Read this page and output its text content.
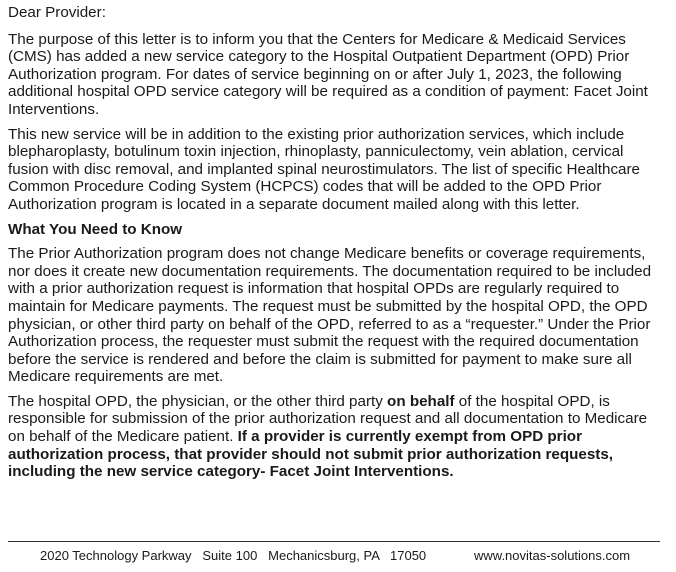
Dear Provider:

The purpose of this letter is to inform you that the Centers for Medicare & Medicaid Services (CMS) has added a new service category to the Hospital Outpatient Department (OPD) Prior Authorization program. For dates of service beginning on or after July 1, 2023, the following additional hospital OPD service category will be required as a condition of payment: Facet Joint Interventions.

This new service will be in addition to the existing prior authorization services, which include blepharoplasty, botulinum toxin injection, rhinoplasty, panniculectomy, vein ablation, cervical fusion with disc removal, and implanted spinal neurostimulators. The list of specific Healthcare Common Procedure Coding System (HCPCS) codes that will be added to the OPD Prior Authorization program is located in a separate document mailed along with this letter.

What You Need to Know

The Prior Authorization program does not change Medicare benefits or coverage requirements, nor does it create new documentation requirements. The documentation required to be included with a prior authorization request is information that hospital OPDs are regularly required to maintain for Medicare payments. The request must be submitted by the hospital OPD, the OPD physician, or other third party on behalf of the OPD, referred to as a “requester.” Under the Prior Authorization process, the requester must submit the request with the required documentation before the service is rendered and before the claim is submitted for payment to make sure all Medicare requirements are met.

The hospital OPD, the physician, or the other third party on behalf of the hospital OPD, is responsible for submission of the prior authorization request and all documentation to Medicare on behalf of the Medicare patient. If a provider is currently exempt from OPD prior authorization process, that provider should not submit prior authorization requests, including the new service category- Facet Joint Interventions.

2020 Technology Parkway   Suite 100   Mechanicsburg, PA   17050	www.novitas-solutions.com
